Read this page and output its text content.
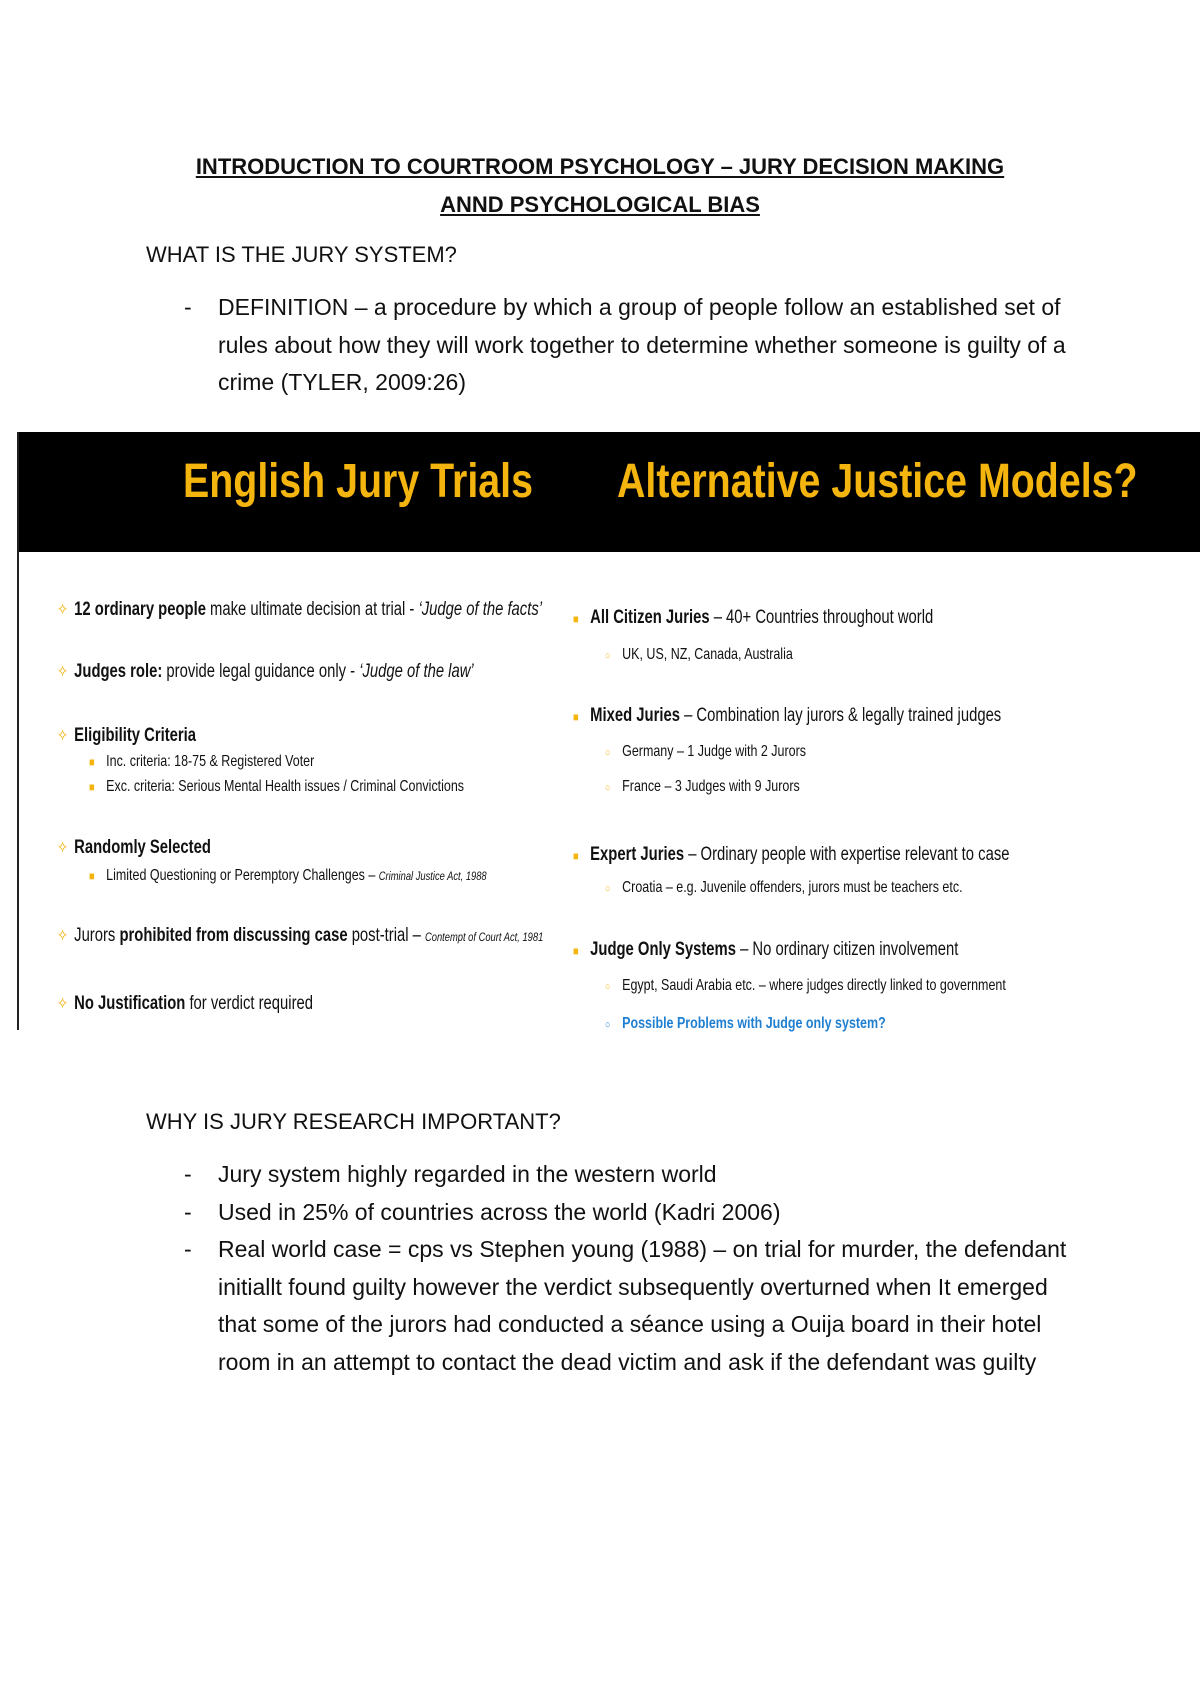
INTRODUCTION TO COURTROOM PSYCHOLOGY – JURY DECISION MAKING
ANND PSYCHOLOGICAL BIAS
WHAT IS THE JURY SYSTEM?
- DEFINITION – a procedure by which a group of people follow an established set of rules about how they will work together to determine whether someone is guilty of a crime (TYLER, 2009:26)
English Jury Trials Alternative Justice Models?
✧ 12 ordinary people make ultimate decision at trial - ‘Judge of the facts’
✧ Judges role: provide legal guidance only - ‘Judge of the law’
✧ Eligibility Criteria
■ Inc. criteria: 18-75 & Registered Voter
■ Exc. criteria: Serious Mental Health issues / Criminal Convictions
✧ Randomly Selected
■ Limited Questioning or Peremptory Challenges – Criminal Justice Act, 1988
✧ Jurors prohibited from discussing case post-trial – Contempt of Court Act, 1981
✧ No Justification for verdict required
■ All Citizen Juries – 40+ Countries throughout world
○ UK, US, NZ, Canada, Australia
■ Mixed Juries – Combination lay jurors & legally trained judges
○ Germany – 1 Judge with 2 Jurors
○ France – 3 Judges with 9 Jurors
■ Expert Juries – Ordinary people with expertise relevant to case
○ Croatia – e.g. Juvenile offenders, jurors must be teachers etc.
■ Judge Only Systems – No ordinary citizen involvement
○ Egypt, Saudi Arabia etc. – where judges directly linked to government
○ Possible Problems with Judge only system?
WHY IS JURY RESEARCH IMPORTANT?
- Jury system highly regarded in the western world
- Used in 25% of countries across the world (Kadri 2006)
- Real world case = cps vs Stephen young (1988) – on trial for murder, the defendant initiallt found guilty however the verdict subsequently overturned when It emerged that some of the jurors had conducted a séance using a Ouija board in their hotel room in an attempt to contact the dead victim and ask if the defendant was guilty
